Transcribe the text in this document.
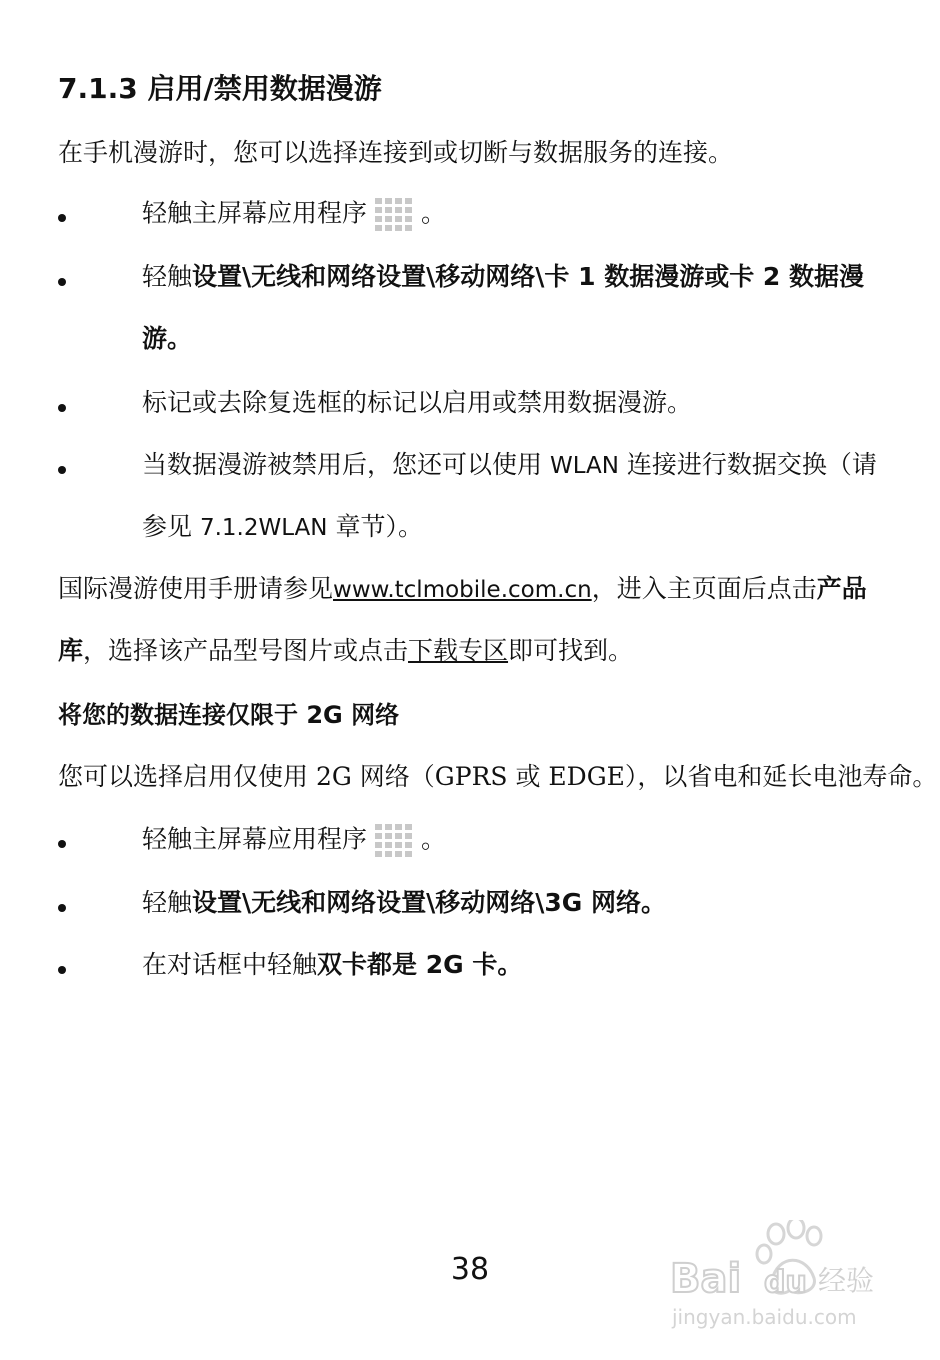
7.1.3 启用/禁用数据漫游
在手机漫游时，您可以选择连接到或切断与数据服务的连接。
轻触主屏幕应用程序 。
轻触设置\无线和网络设置\移动网络\卡 1 数据漫游或卡 2 数据漫
游。
标记或去除复选框的标记以启用或禁用数据漫游。
当数据漫游被禁用后，您还可以使用 WLAN 连接进行数据交换（请
参见 7.1.2WLAN 章节）。
国际漫游使用手册请参见www.tclmobile.com.cn，进入主页面后点击产品
库，选择该产品型号图片或点击下载专区即可找到。
将您的数据连接仅限于 2G 网络
您可以选择启用仅使用 2G 网络（GPRS 或 EDGE），以省电和延长电池寿命。
轻触主屏幕应用程序 。
轻触设置\无线和网络设置\移动网络\3G 网络。
在对话框中轻触双卡都是 2G 卡。
38	Bai du 经验
jingyan.baidu.com
